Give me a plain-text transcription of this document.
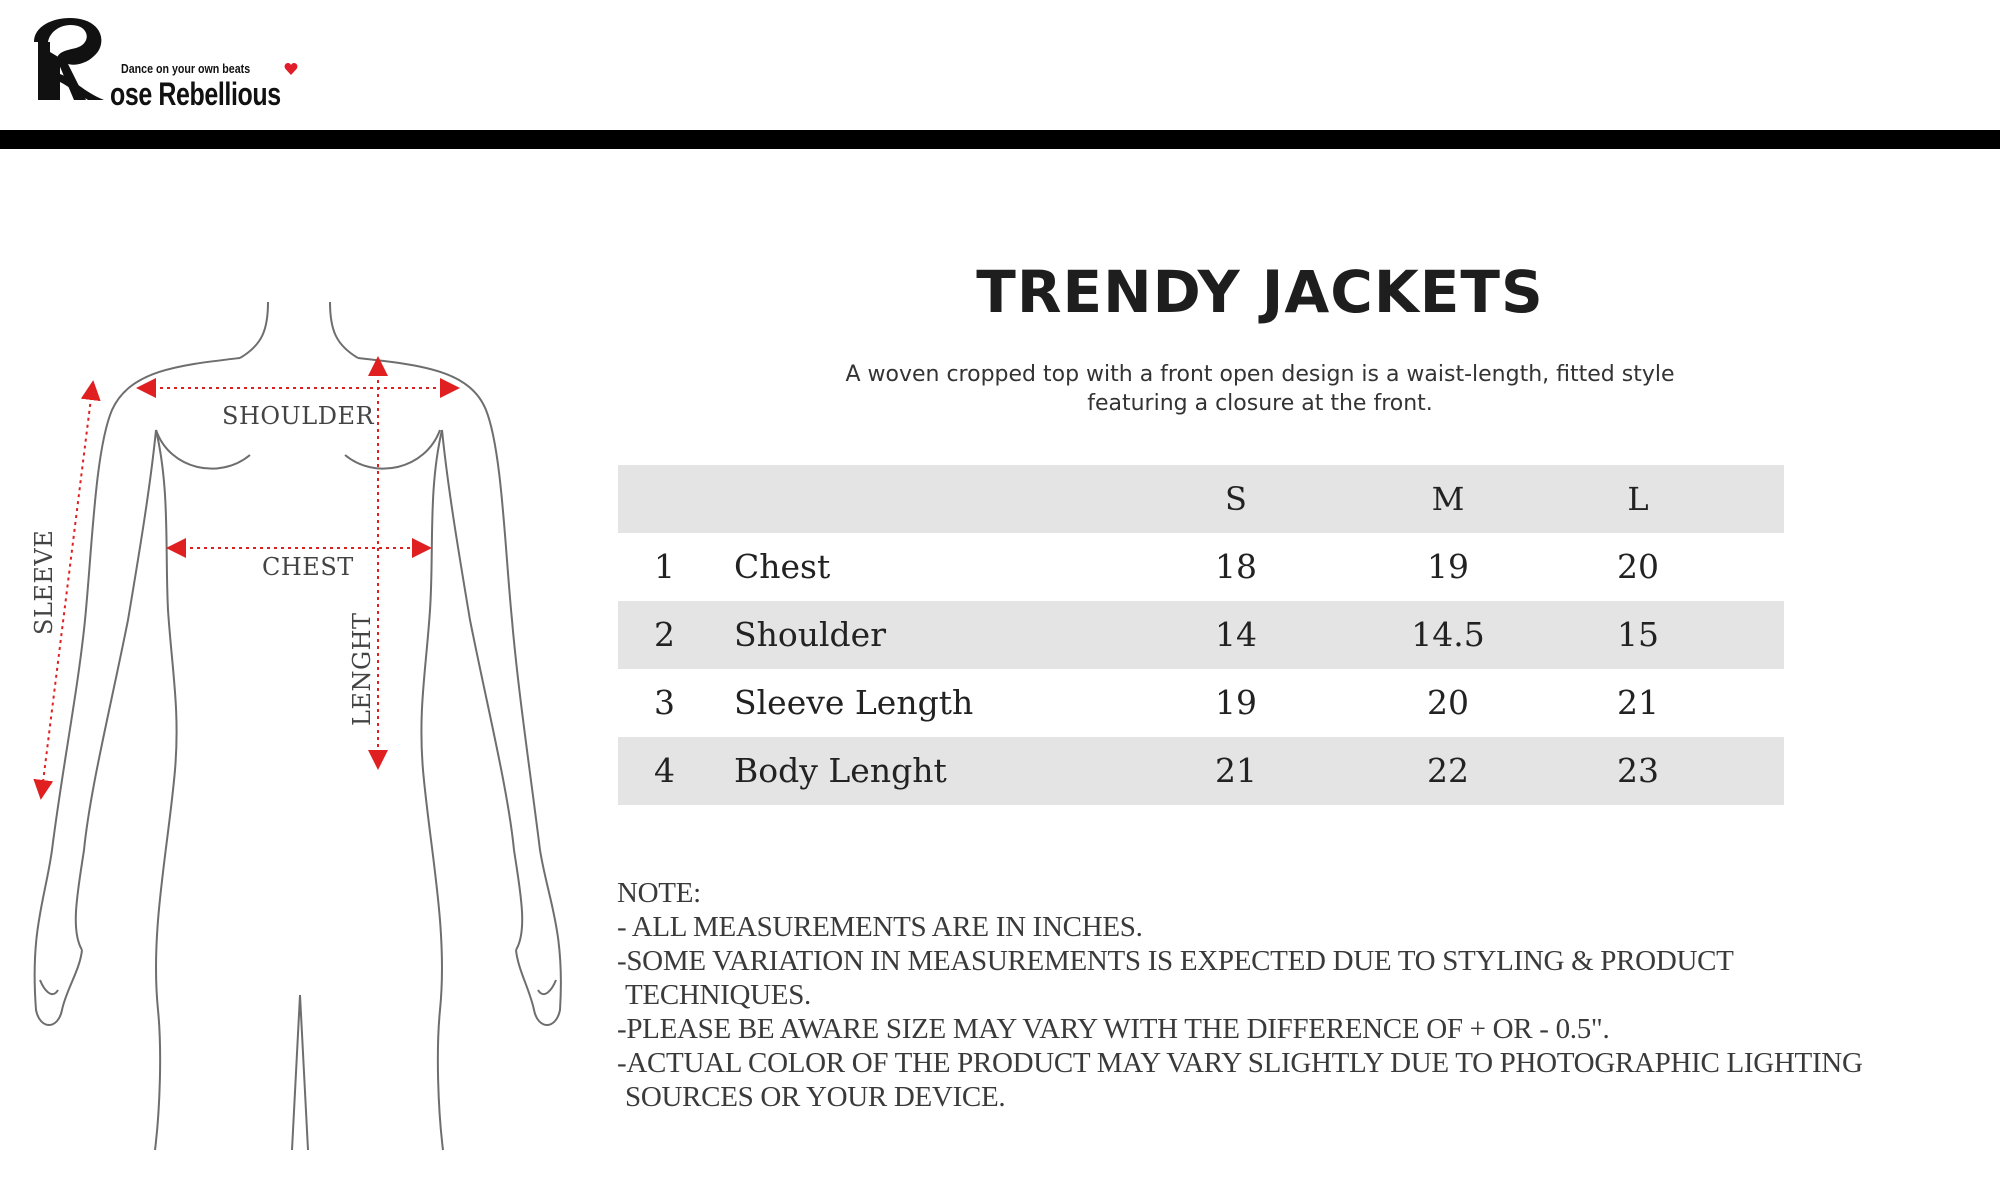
Dance on your own beats
ose Rebellious
SHOULDER
CHEST
SLEEVE
LENGHT
TRENDY JACKETS
A woven cropped top with a front open design is a waist-length, fitted style
featuring a closure at the front.
S	M	L
1 Chest	18	19	20
2 Shoulder	14	14.5	15
3 Sleeve Length	19	20	21
4 Body Lenght	21	22	23
NOTE:
- ALL MEASUREMENTS ARE IN INCHES.
-SOME VARIATION IN MEASUREMENTS IS EXPECTED DUE TO STYLING & PRODUCT
TECHNIQUES.
-PLEASE BE AWARE SIZE MAY VARY WITH THE DIFFERENCE OF + OR - 0.5".
-ACTUAL COLOR OF THE PRODUCT MAY VARY SLIGHTLY DUE TO PHOTOGRAPHIC LIGHTING
SOURCES OR YOUR DEVICE.
